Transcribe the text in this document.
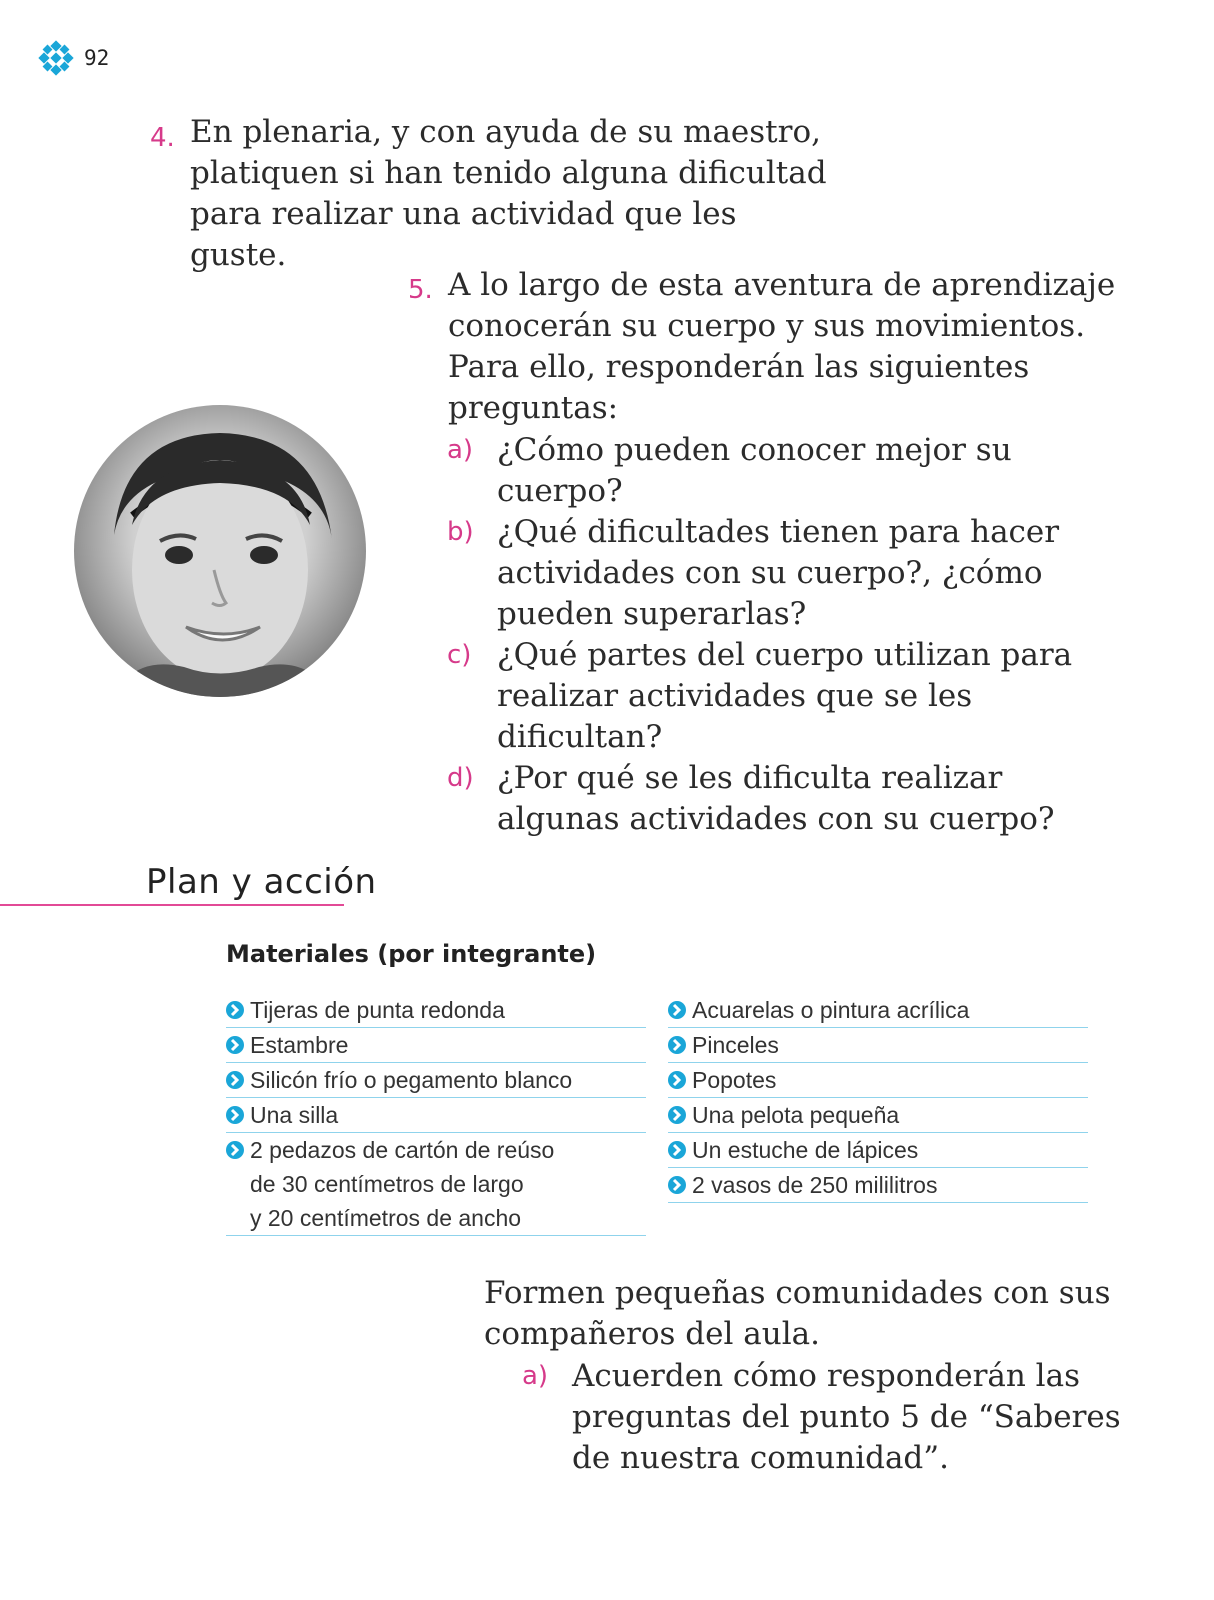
92
4. En plenaria, y con ayuda de su maestro, platiquen si han tenido alguna dificultad para realizar una actividad que les guste.

5. A lo largo de esta aventura de aprendizaje conocerán su cuerpo y sus movimientos. Para ello, responderán las siguientes preguntas:

a) ¿Cómo pueden conocer mejor su cuerpo?
b) ¿Qué dificultades tienen para hacer actividades con su cuerpo?, ¿cómo pueden superarlas?
c) ¿Qué partes del cuerpo utilizan para realizar actividades que se les dificultan?
d) ¿Por qué se les dificulta realizar algunas actividades con su cuerpo?
Plan y acción
Materiales (por integrante)
Tijeras de punta redonda
Estambre
Silicón frío o pegamento blanco
Una silla
2 pedazos de cartón de reúso
de 30 centímetros de largo
y 20 centímetros de ancho
Acuarelas o pintura acrílica
Pinceles
Popotes
Una pelota pequeña
Un estuche de lápices
2 vasos de 250 mililitros

Formen pequeñas comunidades con sus compañeros del aula.

a) Acuerden cómo responderán las preguntas del punto 5 de “Saberes de nuestra comunidad”.
